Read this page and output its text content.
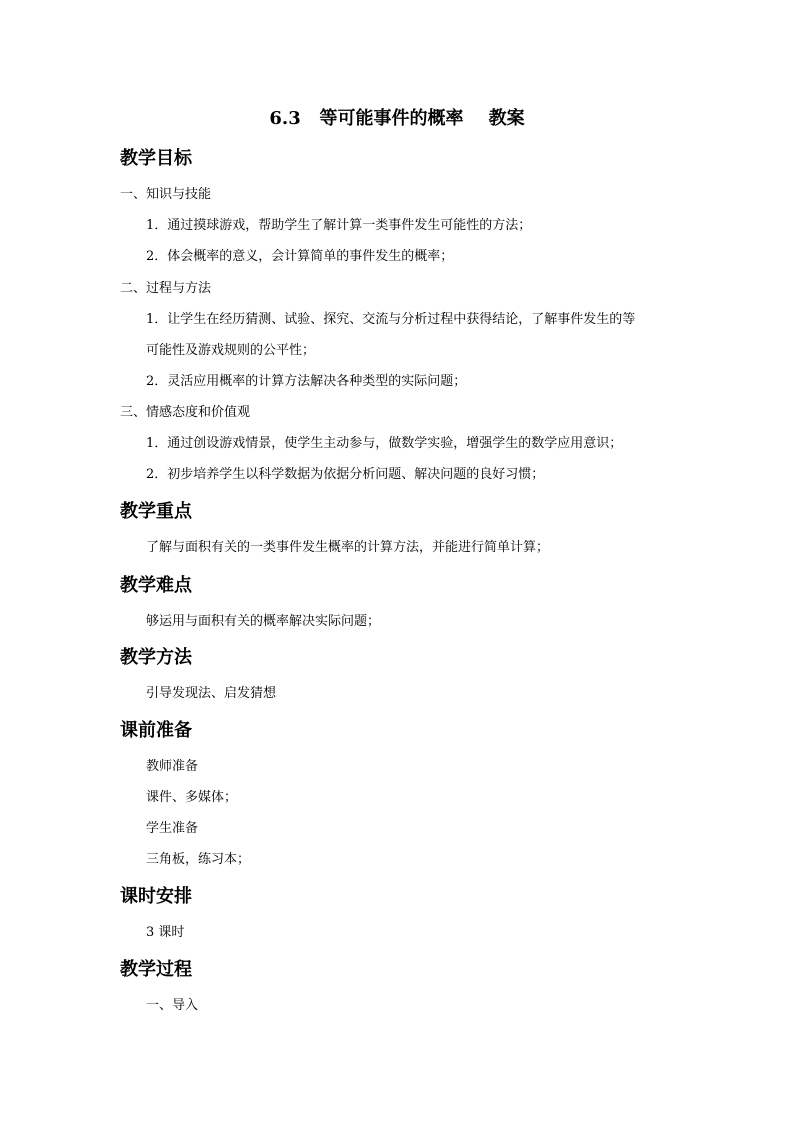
6.3   等可能事件的概率    教案
教学目标
一、知识与技能
1．通过摸球游戏，帮助学生了解计算一类事件发生可能性的方法；
2．体会概率的意义，会计算简单的事件发生的概率；
二、过程与方法
1．让学生在经历猜测、试验、探究、交流与分析过程中获得结论，了解事件发生的等
可能性及游戏规则的公平性；
2．灵活应用概率的计算方法解决各种类型的实际问题；
三、情感态度和价值观
1．通过创设游戏情景，使学生主动参与，做数学实验，增强学生的数学应用意识；
2．初步培养学生以科学数据为依据分析问题、解决问题的良好习惯；
教学重点
了解与面积有关的一类事件发生概率的计算方法，并能进行简单计算；
教学难点
够运用与面积有关的概率解决实际问题；
教学方法
引导发现法、启发猜想
课前准备
教师准备
课件、多媒体；
学生准备
三角板，练习本；
课时安排
3 课时
教学过程
一、导入
